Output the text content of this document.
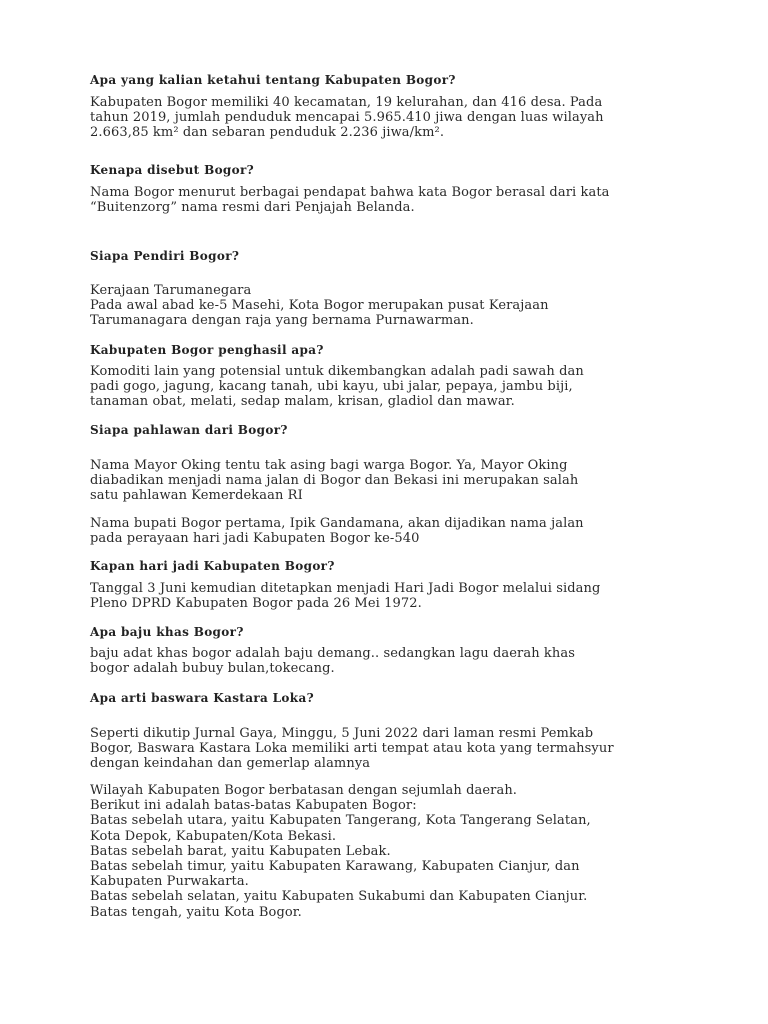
Apa yang kalian ketahui tentang Kabupaten Bogor?

Kabupaten Bogor memiliki 40 kecamatan, 19 kelurahan, dan 416 desa. Pada
tahun 2019, jumlah penduduk mencapai 5.965.410 jiwa dengan luas wilayah
2.663,85 km² dan sebaran penduduk 2.236 jiwa/km².

Kenapa disebut Bogor?

Nama Bogor menurut berbagai pendapat bahwa kata Bogor berasal dari kata
“Buitenzorg” nama resmi dari Penjajah Belanda.

Siapa Pendiri Bogor?

Kerajaan Tarumanegara
Pada awal abad ke-5 Masehi, Kota Bogor merupakan pusat Kerajaan
Tarumanagara dengan raja yang bernama Purnawarman.

Kabupaten Bogor penghasil apa?

Komoditi lain yang potensial untuk dikembangkan adalah padi sawah dan
padi gogo, jagung, kacang tanah, ubi kayu, ubi jalar, pepaya, jambu biji,
tanaman obat, melati, sedap malam, krisan, gladiol dan mawar.

Siapa pahlawan dari Bogor?

Nama Mayor Oking tentu tak asing bagi warga Bogor. Ya, Mayor Oking
diabadikan menjadi nama jalan di Bogor dan Bekasi ini merupakan salah
satu pahlawan Kemerdekaan RI

Nama bupati Bogor pertama, Ipik Gandamana, akan dijadikan nama jalan
pada perayaan hari jadi Kabupaten Bogor ke-540

Kapan hari jadi Kabupaten Bogor?

Tanggal 3 Juni kemudian ditetapkan menjadi Hari Jadi Bogor melalui sidang
Pleno DPRD Kabupaten Bogor pada 26 Mei 1972.

Apa baju khas Bogor?

baju adat khas bogor adalah baju demang.. sedangkan lagu daerah khas
bogor adalah bubuy bulan,tokecang.

Apa arti baswara Kastara Loka?

Seperti dikutip Jurnal Gaya, Minggu, 5 Juni 2022 dari laman resmi Pemkab
Bogor, Baswara Kastara Loka memiliki arti tempat atau kota yang termahsyur
dengan keindahan dan gemerlap alamnya

Wilayah Kabupaten Bogor berbatasan dengan sejumlah daerah.
Berikut ini adalah batas-batas Kabupaten Bogor:
Batas sebelah utara, yaitu Kabupaten Tangerang, Kota Tangerang Selatan,
Kota Depok, Kabupaten/Kota Bekasi.
Batas sebelah barat, yaitu Kabupaten Lebak.
Batas sebelah timur, yaitu Kabupaten Karawang, Kabupaten Cianjur, dan
Kabupaten Purwakarta.
Batas sebelah selatan, yaitu Kabupaten Sukabumi dan Kabupaten Cianjur.
Batas tengah, yaitu Kota Bogor.
